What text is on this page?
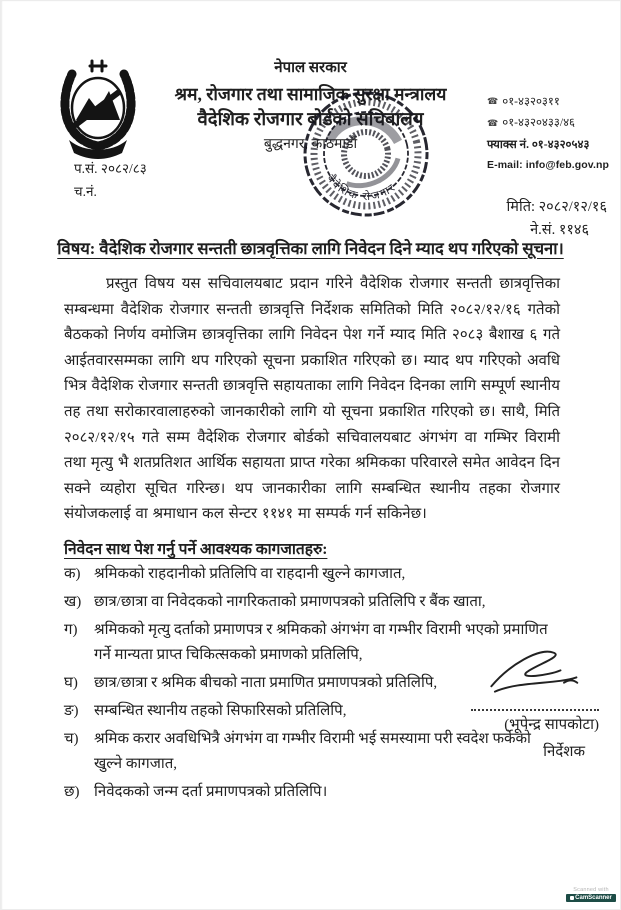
नेपाल सरकार
श्रम, रोजगार तथा सामाजिक सुरक्षा मन्त्रालय
वैदेशिक रोजगार बोर्डको सचिवालय
बुद्धनगर, काठमाडौं
बैदेशिक रोजगार
☎ ०१-४३२०३११
☎ ०१-४३२०४३३/४६
फ्याक्स नं. ०१-४३२०५४३
E-mail: info@feb.gov.np
प.सं. २०८२/८३
च.नं.
मिति: २०८२/१२/१६
ने.सं. ११४६
विषय: वैदेशिक रोजगार सन्तती छात्रवृत्तिका लागि निवेदन दिने म्याद थप गरिएको सूचना।

प्रस्तुत विषय यस सचिवालयबाट प्रदान गरिने वैदेशिक रोजगार सन्तती छात्रवृत्तिका सम्बन्धमा वैदेशिक रोजगार सन्तती छात्रवृत्ति निर्देशक समितिको मिति २०८२/१२/१६ गतेको बैठकको निर्णय वमोजिम छात्रवृत्तिका लागि निवेदन पेश गर्ने म्याद मिति २०८३ बैशाख ६ गते आईतवारसम्मका लागि थप गरिएको सूचना प्रकाशित गरिएको छ। म्याद थप गरिएको अवधि भित्र वैदेशिक रोजगार सन्तती छात्रवृत्ति सहायताका लागि निवेदन दिनका लागि सम्पूर्ण स्थानीय तह तथा सरोकारवालाहरुको जानकारीको लागि यो सूचना प्रकाशित गरिएको छ। साथै, मिति २०८२/१२/१५ गते सम्म वैदेशिक रोजगार बोर्डको सचिवालयबाट अंगभंग वा गम्भिर विरामी तथा मृत्यु भै शतप्रतिशत आर्थिक सहायता प्राप्त गरेका श्रमिकका परिवारले समेत आवेदन दिन सक्ने व्यहोरा सूचित गरिन्छ। थप जानकारीका लागि सम्बन्धित स्थानीय तहका रोजगार संयोजकलाई वा श्रमाधान कल सेन्टर ११४१ मा सम्पर्क गर्न सकिनेछ।

निवेदन साथ पेश गर्नु पर्ने आवश्यक कागजातहरु:
क) श्रमिकको राहदानीको प्रतिलिपि वा राहदानी खुल्ने कागजात,
ख) छात्र/छात्रा वा निवेदकको नागरिकताको प्रमाणपत्रको प्रतिलिपि र बैंक खाता,
ग)	श्रमिकको मृत्यु दर्ताको प्रमाणपत्र र श्रमिकको अंगभंग वा गम्भीर विरामी भएको प्रमाणित गर्ने मान्यता प्राप्त चिकित्सकको प्रमाणको प्रतिलिपि,
घ)	छात्र/छात्रा र श्रमिक बीचको नाता प्रमाणित प्रमाणपत्रको प्रतिलिपि,
ङ)	सम्बन्धित स्थानीय तहको सिफारिसको प्रतिलिपि,
च)	श्रमिक करार अवधिभित्रै अंगभंग वा गम्भीर विरामी भई समस्यामा परी स्वदेश फर्केको खुल्ने कागजात,
छ) निवेदकको जन्म दर्ता प्रमाणपत्रको प्रतिलिपि।
(भूपेन्द्र सापकोटा)
निर्देशक
Scanned with
CamScanner
